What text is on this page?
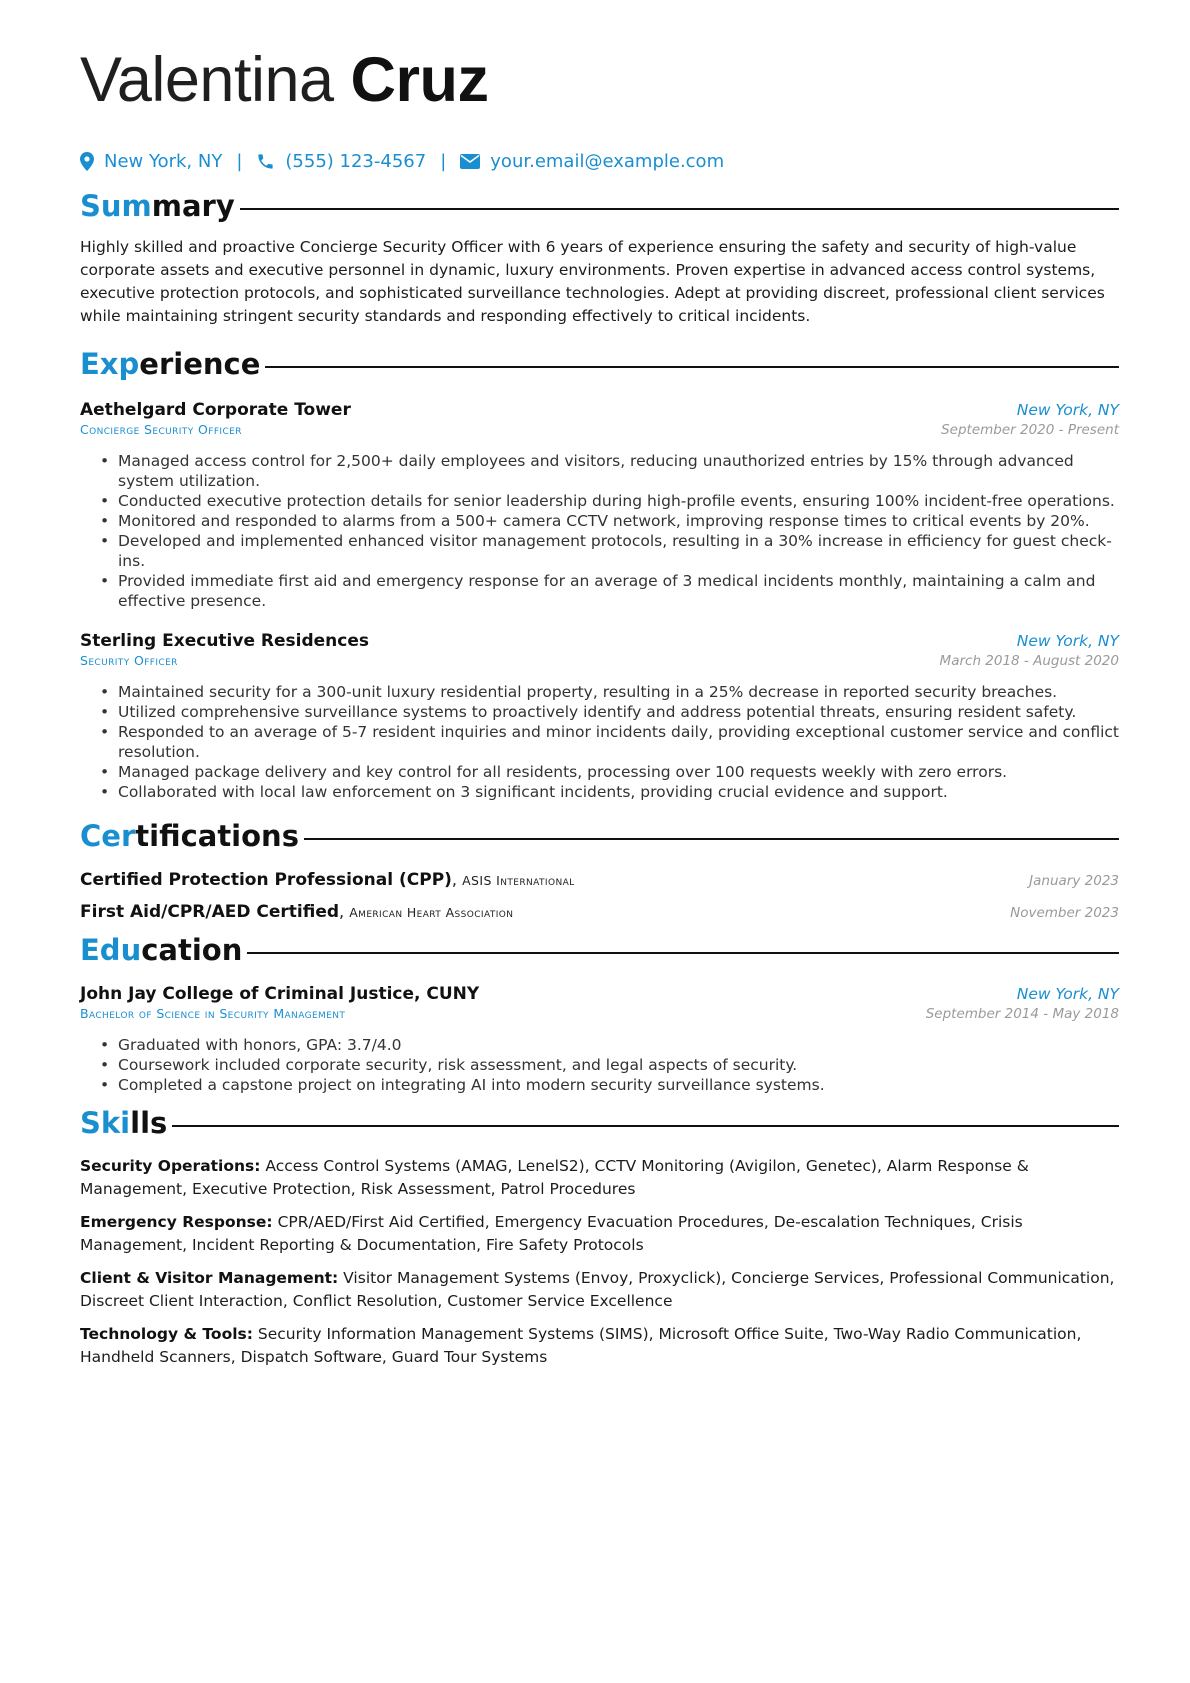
Valentina Cruz
New York, NY | (555) 123-4567 | your.email@example.com
Summary
Highly skilled and proactive Concierge Security Officer with 6 years of experience ensuring the safety and security of high-value corporate assets and executive personnel in dynamic, luxury environments. Proven expertise in advanced access control systems, executive protection protocols, and sophisticated surveillance technologies. Adept at providing discreet, professional client services while maintaining stringent security standards and responding effectively to critical incidents.
Experience
Aethelgard Corporate Tower	New York, NY
Concierge Security Officer	September 2020 - Present
• Managed access control for 2,500+ daily employees and visitors, reducing unauthorized entries by 15% through advanced system utilization.
• Conducted executive protection details for senior leadership during high-profile events, ensuring 100% incident-free operations.
• Monitored and responded to alarms from a 500+ camera CCTV network, improving response times to critical events by 20%.
• Developed and implemented enhanced visitor management protocols, resulting in a 30% increase in efficiency for guest check-ins.
• Provided immediate first aid and emergency response for an average of 3 medical incidents monthly, maintaining a calm and effective presence.
Sterling Executive Residences	New York, NY
Security Officer	March 2018 - August 2020
• Maintained security for a 300-unit luxury residential property, resulting in a 25% decrease in reported security breaches.
• Utilized comprehensive surveillance systems to proactively identify and address potential threats, ensuring resident safety.
• Responded to an average of 5-7 resident inquiries and minor incidents daily, providing exceptional customer service and conflict resolution.
• Managed package delivery and key control for all residents, processing over 100 requests weekly with zero errors.
• Collaborated with local law enforcement on 3 significant incidents, providing crucial evidence and support.
Certifications
Certified Protection Professional (CPP), ASIS International	January 2023
First Aid/CPR/AED Certified, American Heart Association	November 2023
Education
John Jay College of Criminal Justice, CUNY	New York, NY
Bachelor of Science in Security Management	September 2014 - May 2018
• Graduated with honors, GPA: 3.7/4.0
• Coursework included corporate security, risk assessment, and legal aspects of security.
• Completed a capstone project on integrating AI into modern security surveillance systems.
Skills
Security Operations: Access Control Systems (AMAG, LenelS2), CCTV Monitoring (Avigilon, Genetec), Alarm Response & Management, Executive Protection, Risk Assessment, Patrol Procedures
Emergency Response: CPR/AED/First Aid Certified, Emergency Evacuation Procedures, De-escalation Techniques, Crisis Management, Incident Reporting & Documentation, Fire Safety Protocols
Client & Visitor Management: Visitor Management Systems (Envoy, Proxyclick), Concierge Services, Professional Communication, Discreet Client Interaction, Conflict Resolution, Customer Service Excellence
Technology & Tools: Security Information Management Systems (SIMS), Microsoft Office Suite, Two-Way Radio Communication, Handheld Scanners, Dispatch Software, Guard Tour Systems
